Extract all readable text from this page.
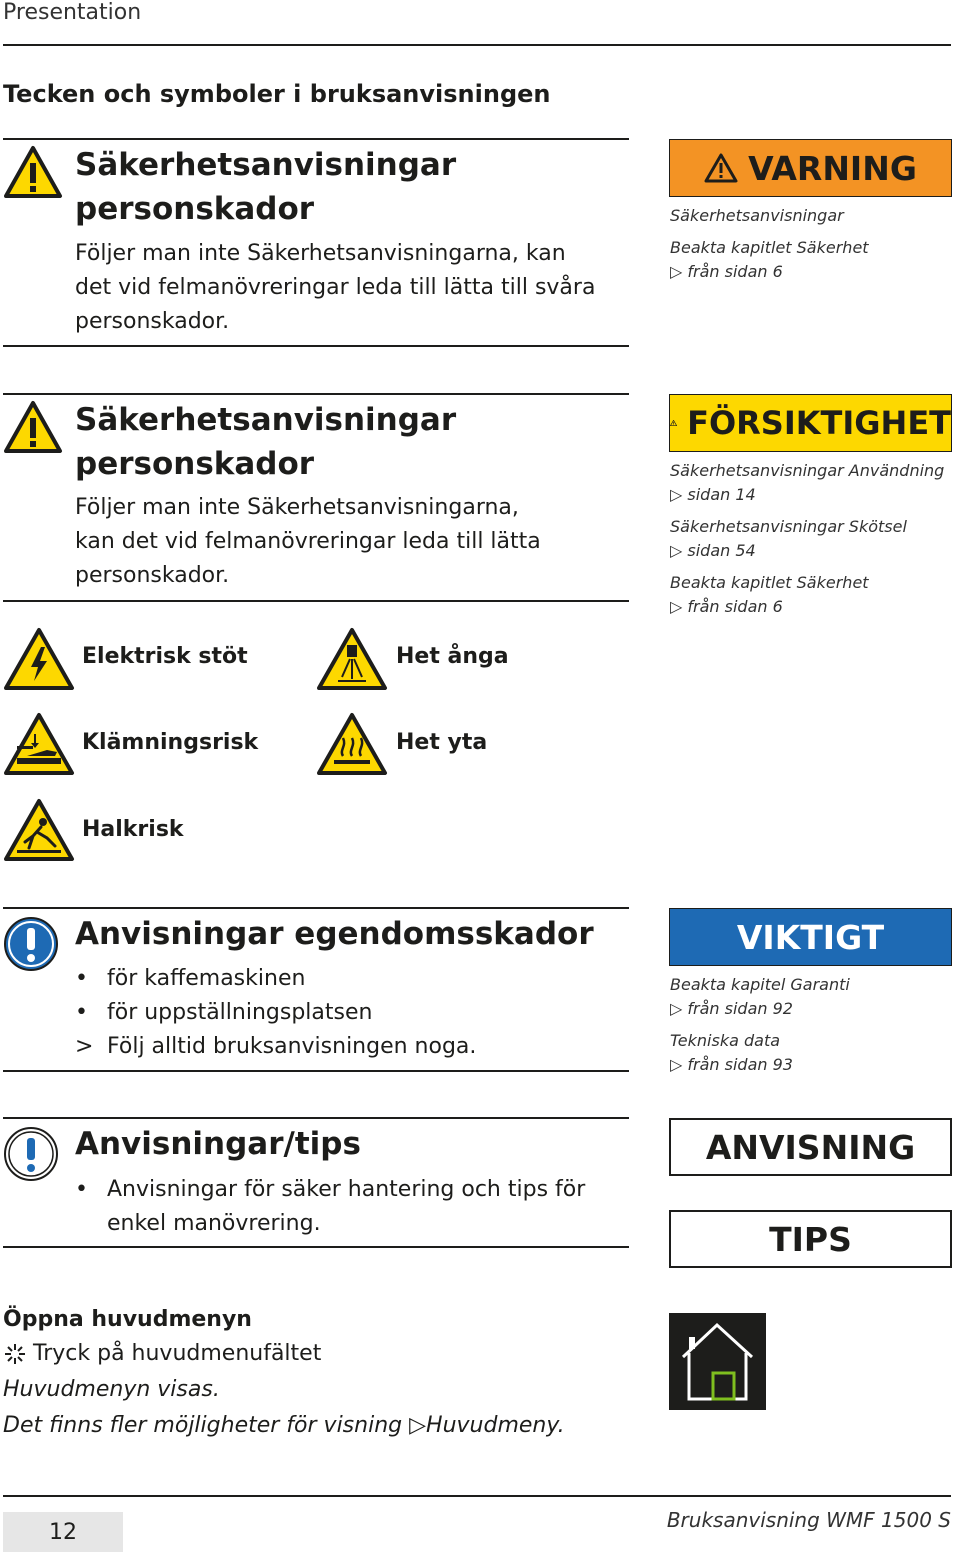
Presentation
Tecken och symboler i bruksanvisningen
Säkerhetsanvisningar
personskador
Följer man inte Säkerhetsanvisningarna, kan
det vid felmanövreringar leda till lätta till svåra
personskador.
VARNING
Säkerhetsanvisningar
Beakta kapitlet Säkerhet
▷ från sidan 6
Säkerhetsanvisningar
personskador
Följer man inte Säkerhetsanvisningarna,
kan det vid felmanövreringar leda till lätta
personskador.
FÖRSIKTIGHET
Säkerhetsanvisningar Användning
▷ sidan 14
Säkerhetsanvisningar Skötsel
▷ sidan 54
Beakta kapitlet Säkerhet
▷ från sidan 6
Elektrisk stöt	Het ånga
Klämningsrisk	Het yta
Halkrisk
Anvisningar egendomsskador
• för kaffemaskinen
• för uppställningsplatsen
> Följ alltid bruksanvisningen noga.
VIKTIGT
Beakta kapitel Garanti
▷ från sidan 92
Tekniska data
▷ från sidan 93
Anvisningar/tips
• Anvisningar för säker hantering och tips för
enkel manövrering.
ANVISNING
TIPS
Öppna huvudmenyn
Tryck på huvudmenufältet
Huvudmenyn visas.
Det finns fler möjligheter för visning ▷Huvudmeny.
12	Bruksanvisning WMF 1500 S
